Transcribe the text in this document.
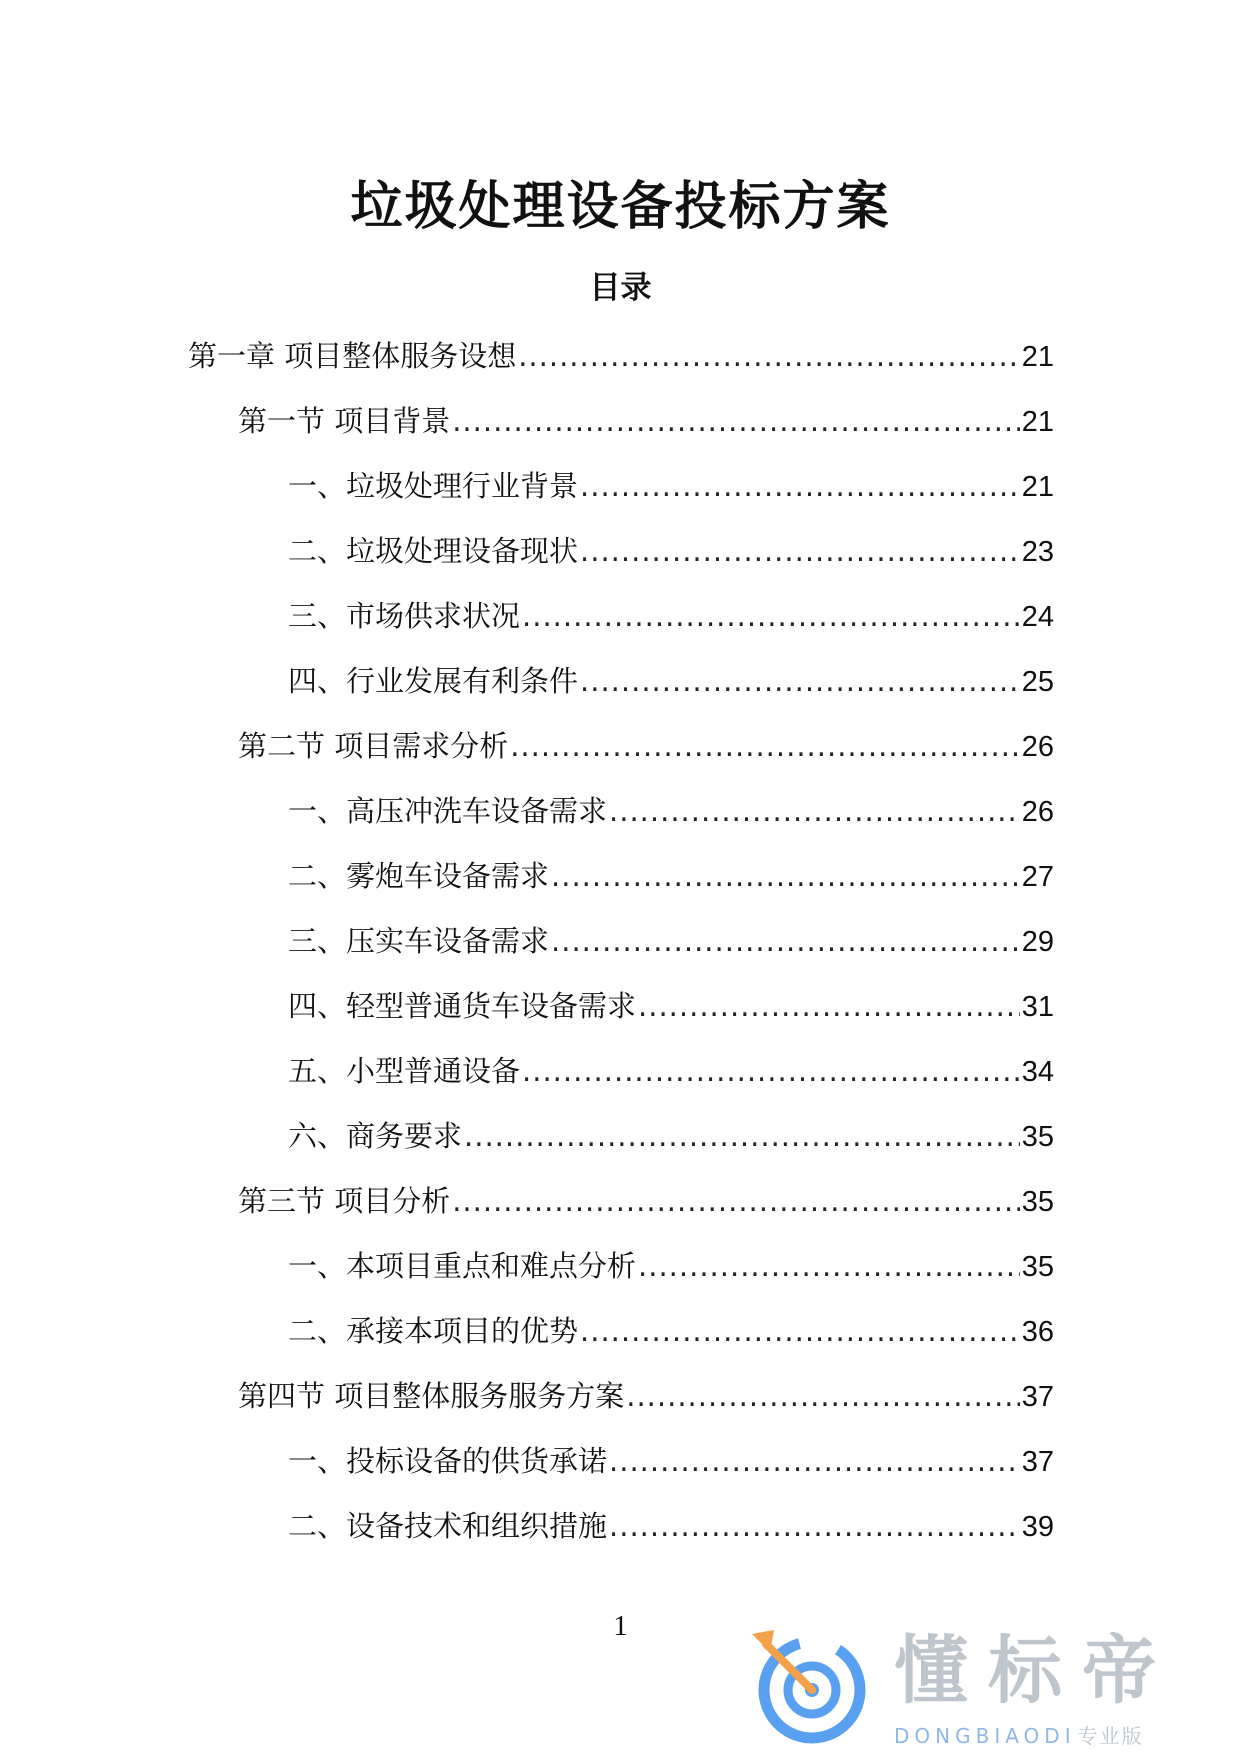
垃圾处理设备投标方案
目录
第一章 项目整体服务设想 .....	21
第一节 项目背景 .....	21
一、垃圾处理行业背景 .....	21
二、垃圾处理设备现状 .....	23
三、市场供求状况 .....	24
四、行业发展有利条件 .....	25
第二节 项目需求分析 .....	26
一、高压冲洗车设备需求 .....	26
二、雾炮车设备需求 .....	27
三、压实车设备需求 .....	29
四、轻型普通货车设备需求 .....	31
五、小型普通设备 .....	34
六、商务要求 .....	35
第三节 项目分析 .....	35
一、本项目重点和难点分析 .....	35
二、承接本项目的优势 .....	36
第四节 项目整体服务服务方案 .....	37
一、投标设备的供货承诺 .....	37
二、设备技术和组织措施 .....	39

1

懂标帝
DONGBIAODI 专业版
